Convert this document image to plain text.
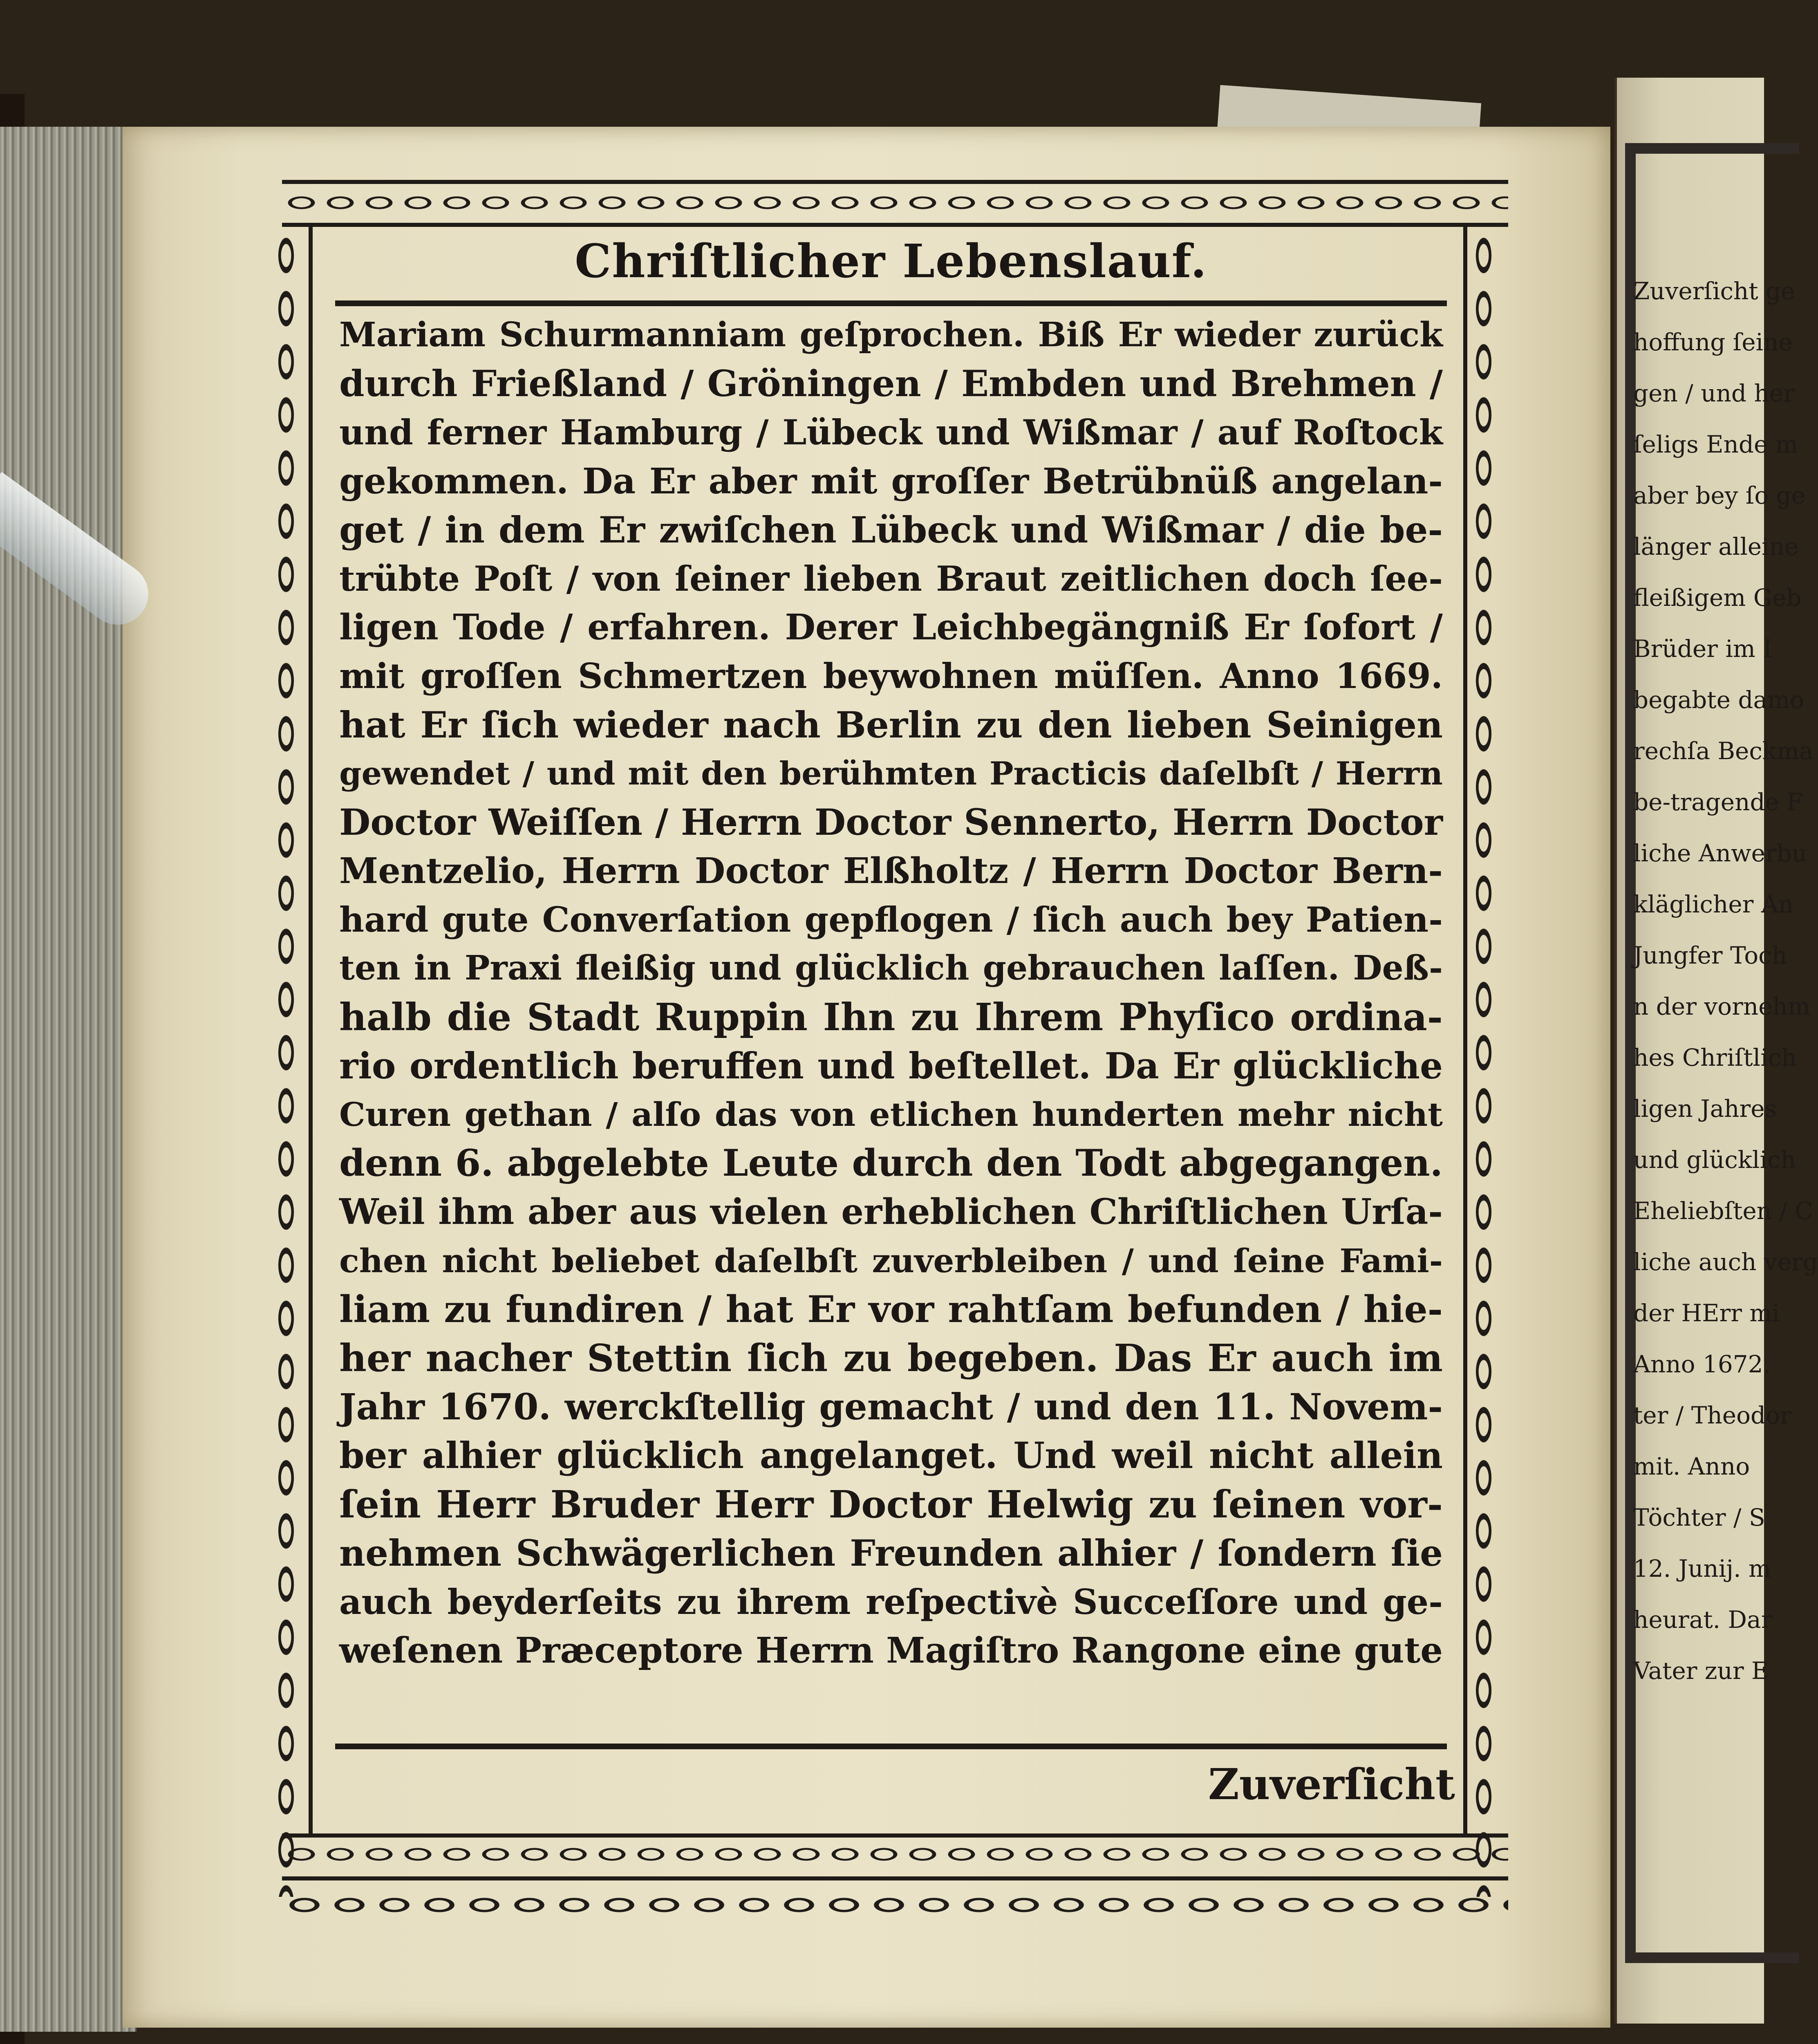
Zuverſicht ge
hoffung ſeine
gen / und her
ſeligs Ende m
aber bey ſo ge
länger alleine
fleißigem Geb
Brüder im I
begabte damo
rechſa Beckma
be-tragende F
liche Anwerbu
kläglicher An
Jungfer Toch
n der vornehm
hes Chriſtlich
ligen Jahres
und glücklich
Eheliebſten / C
liche auch verg
der HErr mi
Anno 1672.
ter / Theodor
mit. Anno
Töchter / S
12. Junij. m
heurat. Dar
Vater zur E
Chriſtlicher Lebenslauf.
Mariam Schurmanniam geſprochen. Biß Er wieder zurück
durch Frießland / Gröningen / Embden und Brehmen /
und ferner Hamburg / Lübeck und Wißmar / auf Roſtock
gekommen. Da Er aber mit groſſer Betrübnüß angelan-
get / in dem Er zwiſchen Lübeck und Wißmar / die be-
trübte Poſt / von ſeiner lieben Braut zeitlichen doch ſee-
ligen Tode / erfahren. Derer Leichbegängniß Er ſofort /
mit groſſen Schmertzen beywohnen müſſen. Anno 1669.
hat Er ſich wieder nach Berlin zu den lieben Seinigen
gewendet / und mit den berühmten Practicis daſelbſt / Herrn
Doctor Weiſſen / Herrn Doctor Sennerto, Herrn Doctor
Mentzelio, Herrn Doctor Elßholtz / Herrn Doctor Bern-
hard gute Converſation gepflogen / ſich auch bey Patien-
ten in Praxi fleißig und glücklich gebrauchen laſſen. Deß-
halb die Stadt Ruppin Ihn zu Ihrem Phyſico ordina-
rio ordentlich beruffen und beſtellet. Da Er glückliche
Curen gethan / alſo das von etlichen hunderten mehr nicht
denn 6. abgelebte Leute durch den Todt abgegangen.
Weil ihm aber aus vielen erheblichen Chriſtlichen Urſa-
chen nicht beliebet daſelbſt zuverbleiben / und ſeine Fami-
liam zu fundiren / hat Er vor rahtſam befunden / hie-
her nacher Stettin ſich zu begeben. Das Er auch im
Jahr 1670. werckſtellig gemacht / und den 11. Novem-
ber alhier glücklich angelanget. Und weil nicht allein
ſein Herr Bruder Herr Doctor Helwig zu ſeinen vor-
nehmen Schwägerlichen Freunden alhier / ſondern ſie
auch beyderſeits zu ihrem reſpectivè Succeſſore und ge-
weſenen Præceptore Herrn Magiſtro Rangone eine gute
Zuverſicht
